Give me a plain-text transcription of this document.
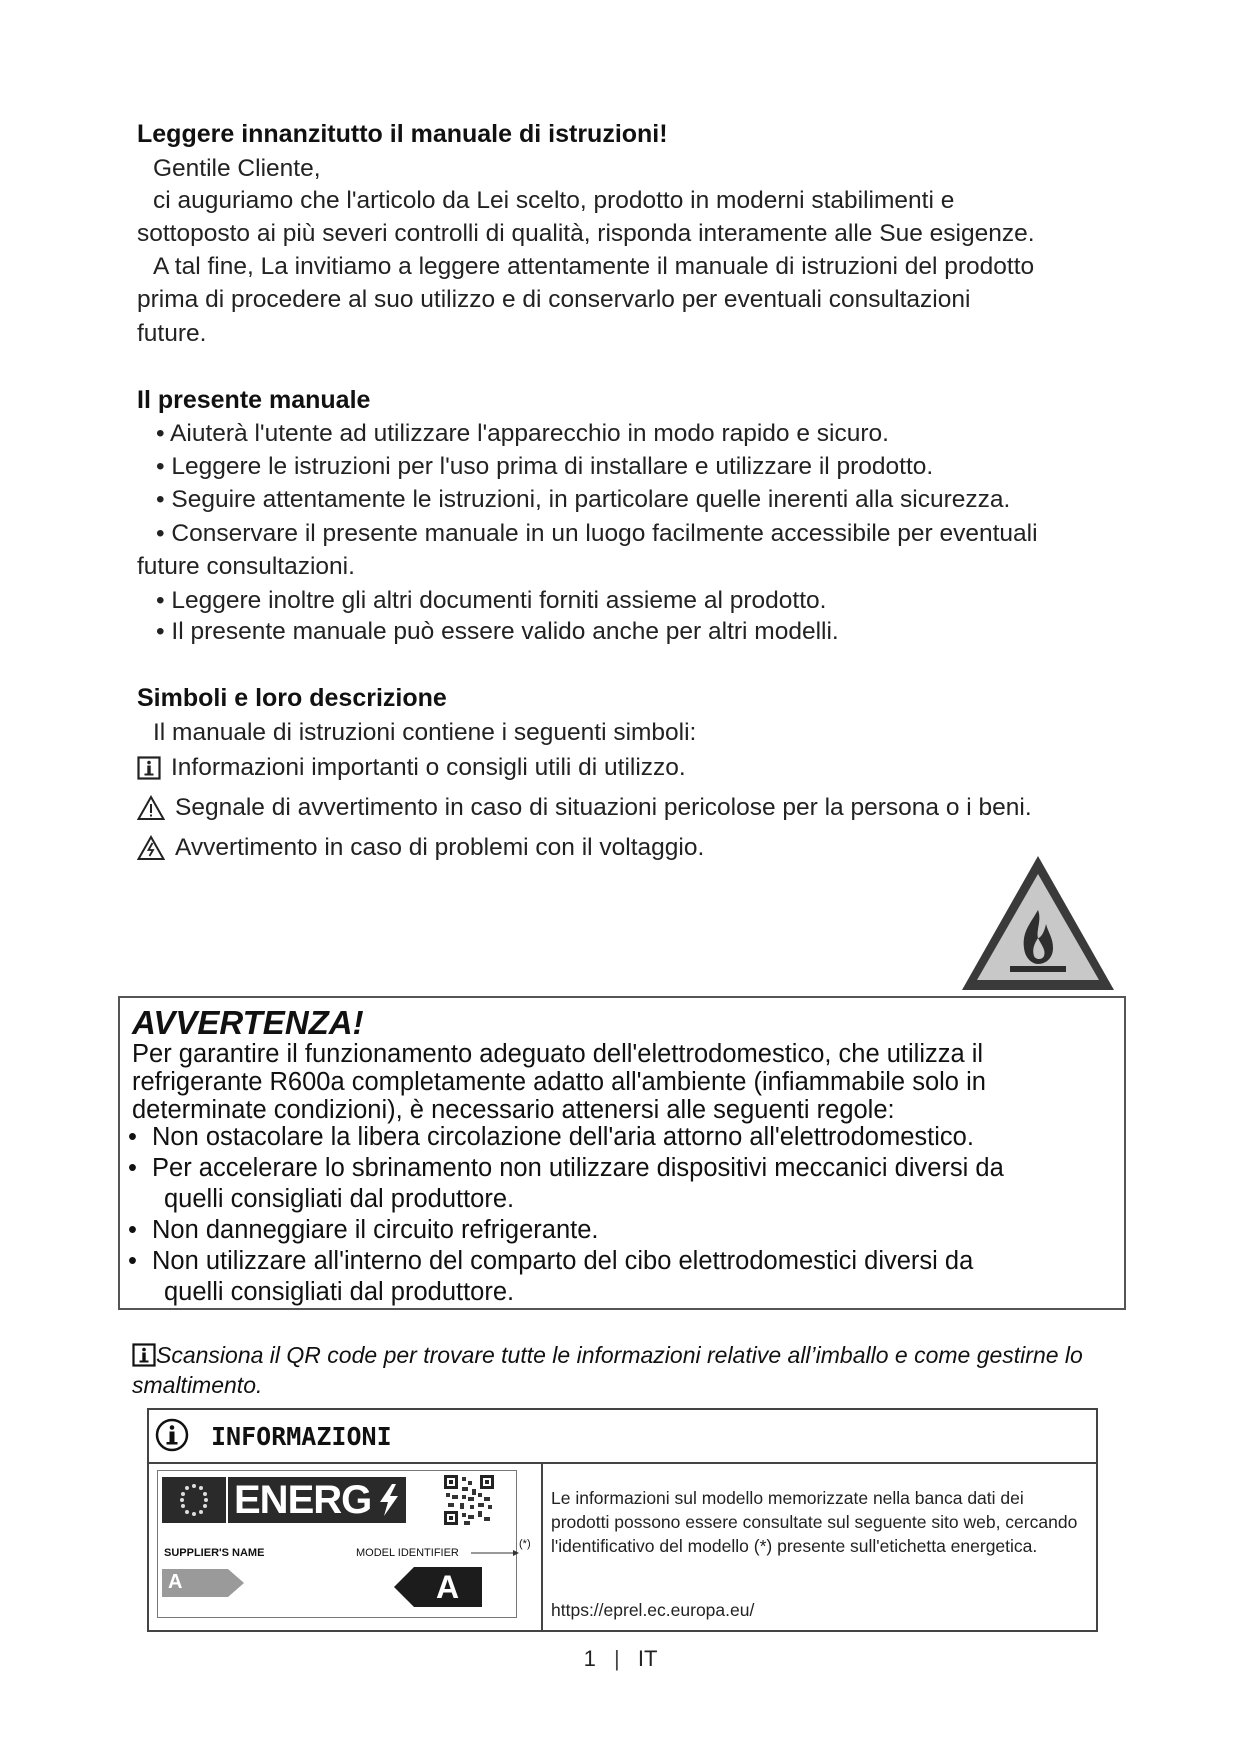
Leggere innanzitutto il manuale di istruzioni!
Gentile Cliente,
ci auguriamo che l'articolo da Lei scelto, prodotto in moderni stabilimenti e
sottoposto ai più severi controlli di qualità, risponda interamente alle Sue esigenze.
A tal fine, La invitiamo a leggere attentamente il manuale di istruzioni del prodotto
prima di procedere al suo utilizzo e di conservarlo per eventuali consultazioni
future.
Il presente manuale
• Aiuterà l'utente ad utilizzare l'apparecchio in modo rapido e sicuro.
• Leggere le istruzioni per l'uso prima di installare e utilizzare il prodotto.
• Seguire attentamente le istruzioni, in particolare quelle inerenti alla sicurezza.
• Conservare il presente manuale in un luogo facilmente accessibile per eventuali
future consultazioni.
• Leggere inoltre gli altri documenti forniti assieme al prodotto.
• Il presente manuale può essere valido anche per altri modelli.
Simboli e loro descrizione
Il manuale di istruzioni contiene i seguenti simboli:
Informazioni importanti o consigli utili di utilizzo.
Segnale di avvertimento in caso di situazioni pericolose per la persona o i beni.
Avvertimento in caso di problemi con il voltaggio.
AVVERTENZA!
Per garantire il funzionamento adeguato dell'elettrodomestico, che utilizza il refrigerante R600a completamente adatto all'ambiente (infiammabile solo in determinate condizioni), è necessario attenersi alle seguenti regole:
• Non ostacolare la libera circolazione dell'aria attorno all'elettrodomestico.
• Per accelerare lo sbrinamento non utilizzare dispositivi meccanici diversi da
quelli consigliati dal produttore.
• Non danneggiare il circuito refrigerante.
• Non utilizzare all'interno del comparto del cibo elettrodomestici diversi da
quelli consigliati dal produttore.
Scansiona il QR code per trovare tutte le informazioni relative all’imballo e come gestirne lo smaltimento.
INFORMAZIONI
ENERG
SUPPLIER'S NAME	MODEL IDENTIFIER
A	A
(*)
Le informazioni sul modello memorizzate nella banca dati dei prodotti possono essere consultate sul seguente sito web, cercando l'identificativo del modello (*) presente sull'etichetta energetica.
https://eprel.ec.europa.eu/
1 | IT
